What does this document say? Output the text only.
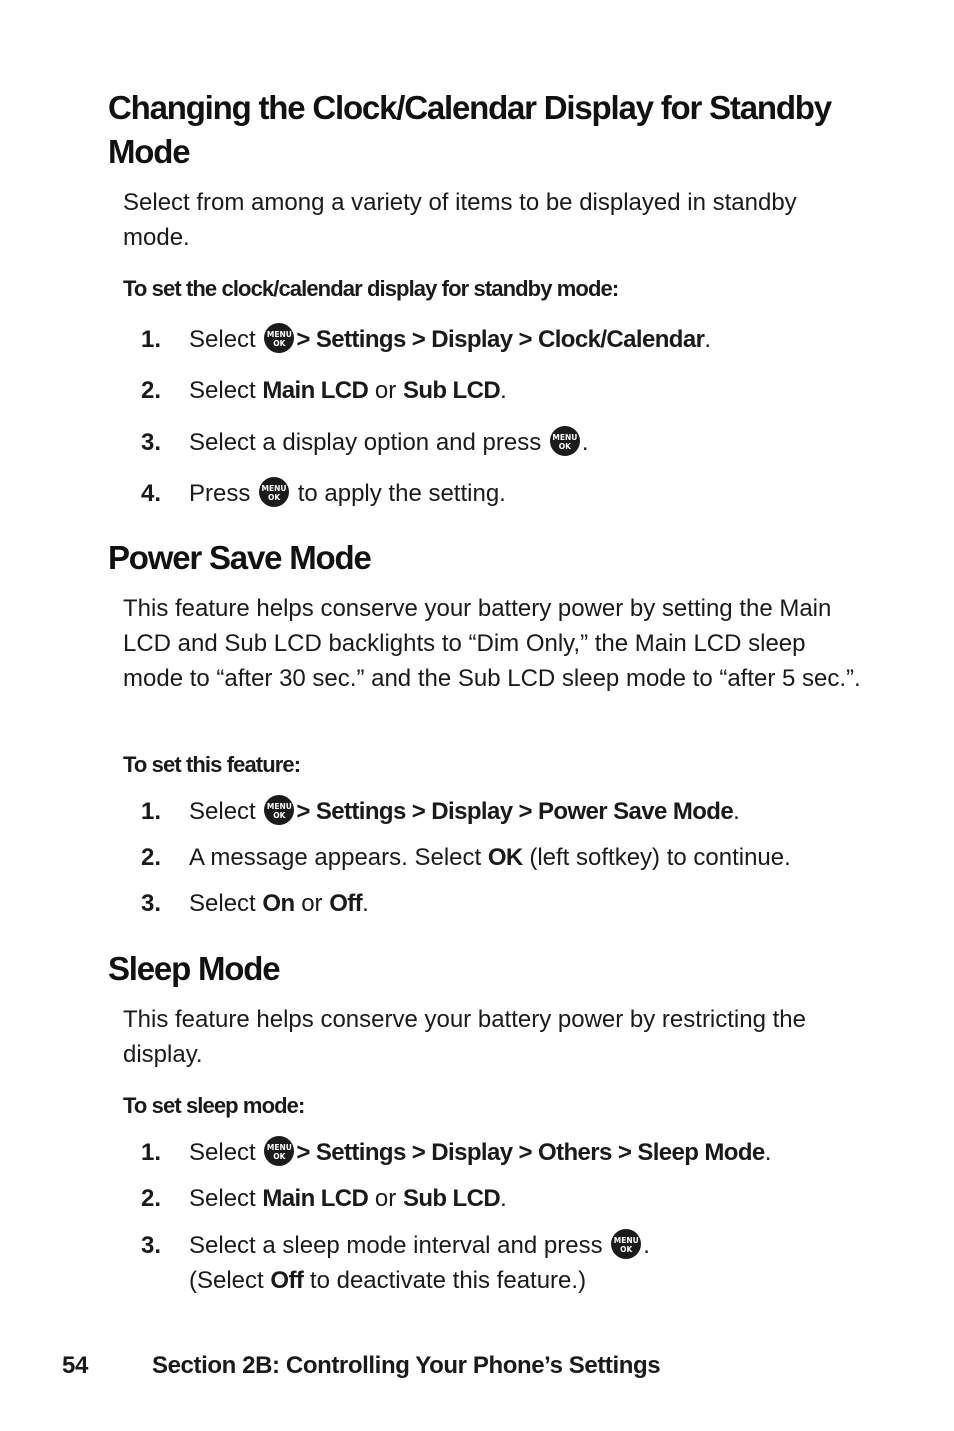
Changing the Clock/Calendar Display for Standby Mode

Select from among a variety of items to be displayed in standby mode.

To set the clock/calendar display for standby mode:

1. Select	MENU
OK > Settings > Display > Clock/Calendar.
2. Select Main LCD or Sub LCD.
3. Select a display option and press	MENU
OK .
4. Press	MENU
OK to apply the setting.
Power Save Mode

This feature helps conserve your battery power by setting the Main LCD and Sub LCD backlights to “Dim Only,” the Main LCD sleep mode to “after 30 sec.” and the Sub LCD sleep mode to “after 5 sec.”.

To set this feature:

1. Select	MENU
OK > Settings > Display > Power Save Mode.
2. A message appears. Select OK (left softkey) to continue.
3. Select On or Off.
Sleep Mode

This feature helps conserve your battery power by restricting the display.

To set sleep mode:

1. Select	MENU
OK > Settings > Display > Others > Sleep Mode.
2. Select Main LCD or Sub LCD.
3. Select a sleep mode interval and press	MENU
OK .
(Select Off to deactivate this feature.)
54	Section 2B: Controlling Your Phone’s Settings
